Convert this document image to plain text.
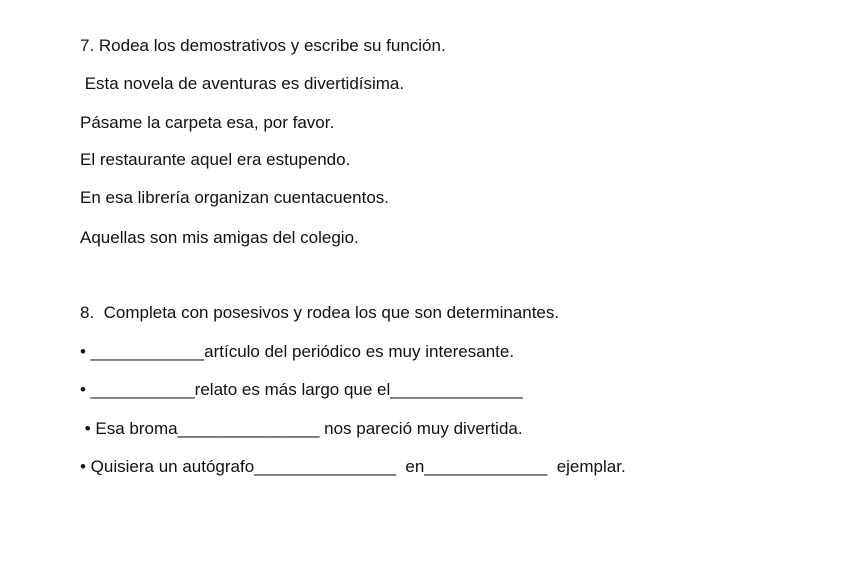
7. Rodea los demostrativos y escribe su función.
Esta novela de aventuras es divertidísima.
Pásame la carpeta esa, por favor.
El restaurante aquel era estupendo.
En esa librería organizan cuentacuentos.
Aquellas son mis amigas del colegio.
8.  Completa con posesivos y rodea los que son determinantes.
• ____________artículo del periódico es muy interesante.
• ___________relato es más largo que el______________
• Esa broma_______________ nos pareció muy divertida.
• Quisiera un autógrafo_______________  en_____________  ejemplar.
